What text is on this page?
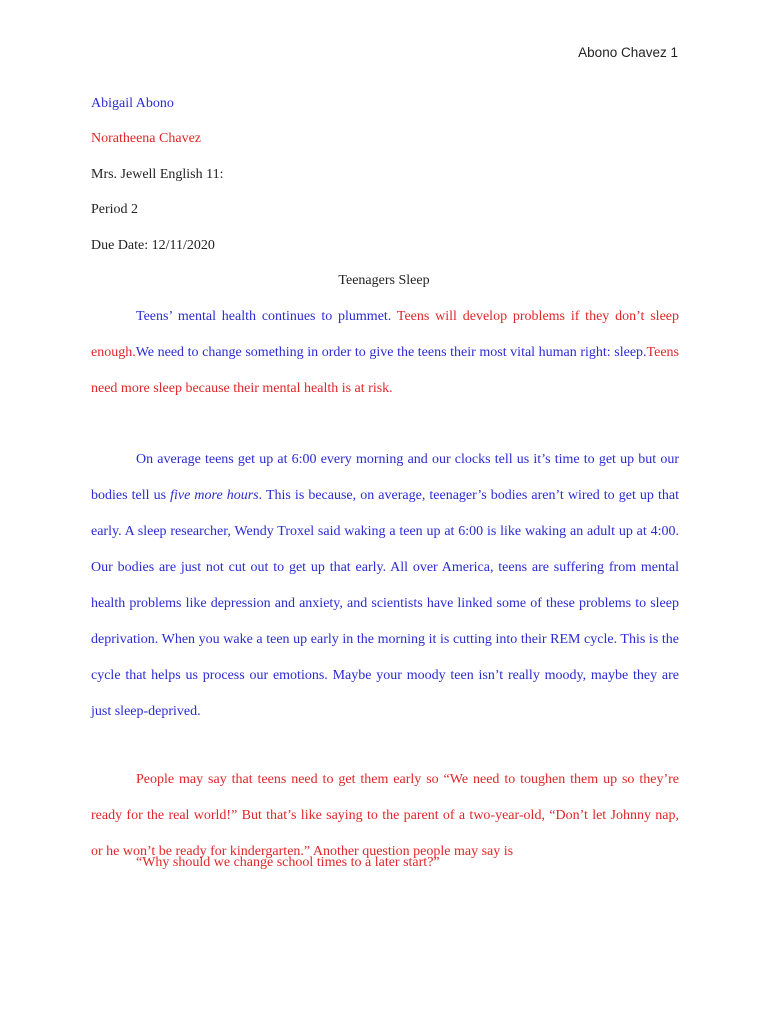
Abono Chavez 1
Abigail Abono
Noratheena Chavez
Mrs. Jewell English 11:
Period 2
Due Date: 12/11/2020
Teenagers Sleep

Teens’ mental health continues to plummet. Teens will develop problems if they don’t sleep enough.We need to change something in order to give the teens their most vital human right: sleep.Teens need more sleep because their mental health is at risk.

On average teens get up at 6:00 every morning and our clocks tell us it’s time to get up but our bodies tell us five more hours. This is because, on average, teenager’s bodies aren’t wired to get up that early. A sleep researcher, Wendy Troxel said waking a teen up at 6:00 is like waking an adult up at 4:00. Our bodies are just not cut out to get up that early. All over America, teens are suffering from mental health problems like depression and anxiety, and scientists have linked some of these problems to sleep deprivation. When you wake a teen up early in the morning it is cutting into their REM cycle. This is the cycle that helps us process our emotions. Maybe your moody teen isn’t really moody, maybe they are just sleep-deprived.

People may say that teens need to get them early so “We need to toughen them up so they’re ready for the real world!” But that’s like saying to the parent of a two-year-old, “Don’t let Johnny nap, or he won’t be ready for kindergarten.” Another question people may say is

“Why should we change school times to a later start?”
